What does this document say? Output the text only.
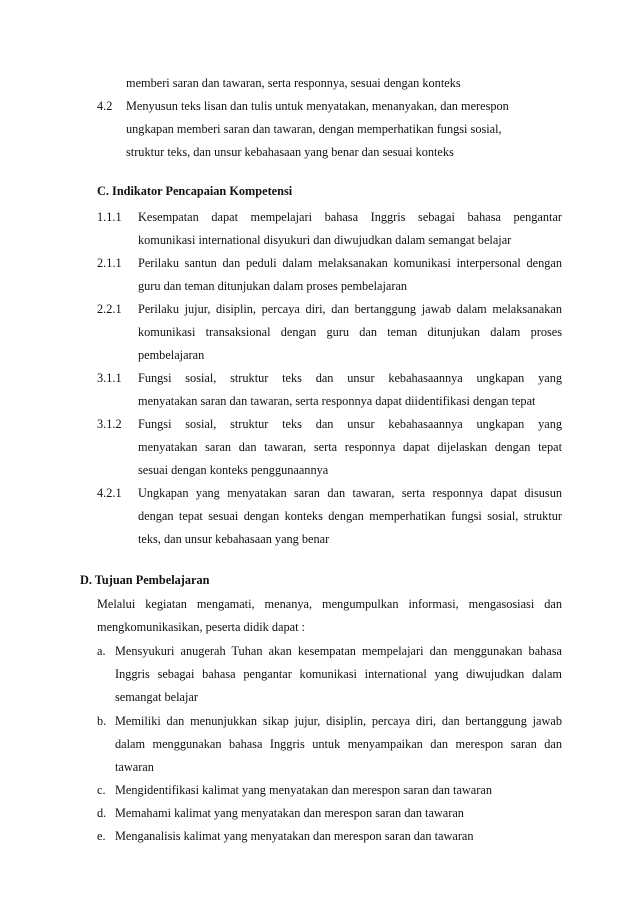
memberi saran dan tawaran, serta responnya, sesuai dengan konteks
4.2 Menyusun teks lisan dan tulis untuk menyatakan, menanyakan, dan merespon
ungkapan memberi saran dan tawaran, dengan memperhatikan fungsi sosial,
struktur teks, dan unsur kebahasaan yang benar dan sesuai konteks
C. Indikator Pencapaian Kompetensi
1.1.1 Kesempatan dapat mempelajari bahasa Inggris sebagai bahasa pengantar
komunikasi international disyukuri dan diwujudkan dalam semangat belajar
2.1.1 Perilaku santun dan peduli dalam melaksanakan komunikasi interpersonal dengan
guru dan teman ditunjukan dalam proses pembelajaran
2.2.1 Perilaku jujur, disiplin, percaya diri, dan bertanggung jawab dalam melaksanakan
komunikasi transaksional dengan guru dan teman ditunjukan dalam proses
pembelajaran
3.1.1 Fungsi sosial, struktur teks dan unsur kebahasaannya ungkapan yang
menyatakan saran dan tawaran, serta responnya dapat diidentifikasi dengan tepat
3.1.2 Fungsi sosial, struktur teks dan unsur kebahasaannya ungkapan yang
menyatakan saran dan tawaran, serta responnya dapat dijelaskan dengan tepat
sesuai dengan konteks penggunaannya
4.2.1 Ungkapan yang menyatakan saran dan tawaran, serta responnya dapat disusun
dengan tepat sesuai dengan konteks dengan memperhatikan fungsi sosial, struktur
teks, dan unsur kebahasaan yang benar
D. Tujuan Pembelajaran
Melalui kegiatan mengamati, menanya, mengumpulkan informasi, mengasosiasi dan
mengkomunikasikan, peserta didik dapat :
a. Mensyukuri anugerah Tuhan akan kesempatan mempelajari dan menggunakan bahasa
Inggris sebagai bahasa pengantar komunikasi international yang diwujudkan dalam
semangat belajar
b. Memiliki dan menunjukkan sikap jujur, disiplin, percaya diri, dan bertanggung jawab
dalam menggunakan bahasa Inggris untuk menyampaikan dan merespon saran dan
tawaran
c. Mengidentifikasi kalimat yang menyatakan dan merespon saran dan tawaran
d. Memahami kalimat yang menyatakan dan merespon saran dan tawaran
e. Menganalisis kalimat yang menyatakan dan merespon saran dan tawaran
